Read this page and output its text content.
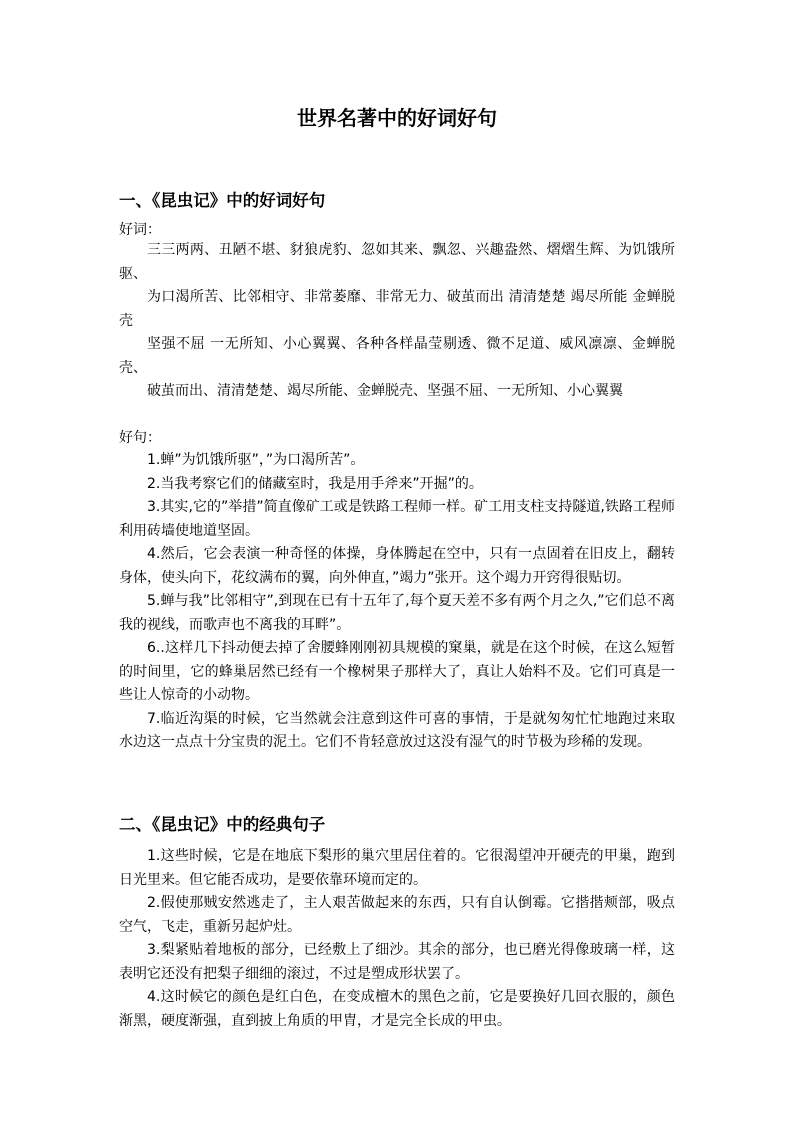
世界名著中的好词好句
一、《昆虫记》中的好词好句
好词：

三三两两、丑陋不堪、豺狼虎豹、忽如其来、飘忽、兴趣盎然、熠熠生辉、为饥饿所驱、

为口渴所苦、比邻相守、非常萎靡、非常无力、破茧而出 清清楚楚 竭尽所能 金蝉脱壳

坚强不屈 一无所知、小心翼翼、各种各样晶莹剔透、微不足道、威风凛凛、金蝉脱壳、

破茧而出、清清楚楚、竭尽所能、金蝉脱壳、坚强不屈、一无所知、小心翼翼

好句：

1.蝉”为饥饿所驱”，”为口渴所苦”。

2.当我考察它们的储藏室时，我是用手斧来”开掘”的。

3.其实,它的”举措”简直像矿工或是铁路工程师一样。矿工用支柱支持隧道,铁路工程师利用砖墙使地道坚固。

4.然后，它会表演一种奇怪的体操，身体腾起在空中，只有一点固着在旧皮上，翻转身体，使头向下，花纹满布的翼，向外伸直，”竭力”张开。这个竭力开窍得很贴切。

5.蝉与我”比邻相守”,到现在已有十五年了,每个夏天差不多有两个月之久,”它们总不离我的视线，而歌声也不离我的耳畔”。

6..这样几下抖动便去掉了舍腰蜂刚刚初具规模的窠巢，就是在这个时候，在这么短暂的时间里，它的蜂巢居然已经有一个橡树果子那样大了，真让人始料不及。它们可真是一些让人惊奇的小动物。

7.临近沟渠的时候，它当然就会注意到这件可喜的事情，于是就匆匆忙忙地跑过来取水边这一点点十分宝贵的泥土。它们不肯轻意放过这没有湿气的时节极为珍稀的发现。

二、《昆虫记》中的经典句子

1.这些时候，它是在地底下梨形的巢穴里居住着的。它很渴望冲开硬壳的甲巢，跑到日光里来。但它能否成功，是要依靠环境而定的。

2.假使那贼安然逃走了，主人艰苦做起来的东西，只有自认倒霉。它揩揩颊部，吸点空气，飞走，重新另起炉灶。

3.梨紧贴着地板的部分，已经敷上了细沙。其余的部分，也已磨光得像玻璃一样，这表明它还没有把梨子细细的滚过，不过是塑成形状罢了。

4.这时候它的颜色是红白色，在变成檀木的黑色之前，它是要换好几回衣服的，颜色渐黑，硬度渐强，直到披上角质的甲胄，才是完全长成的甲虫。
